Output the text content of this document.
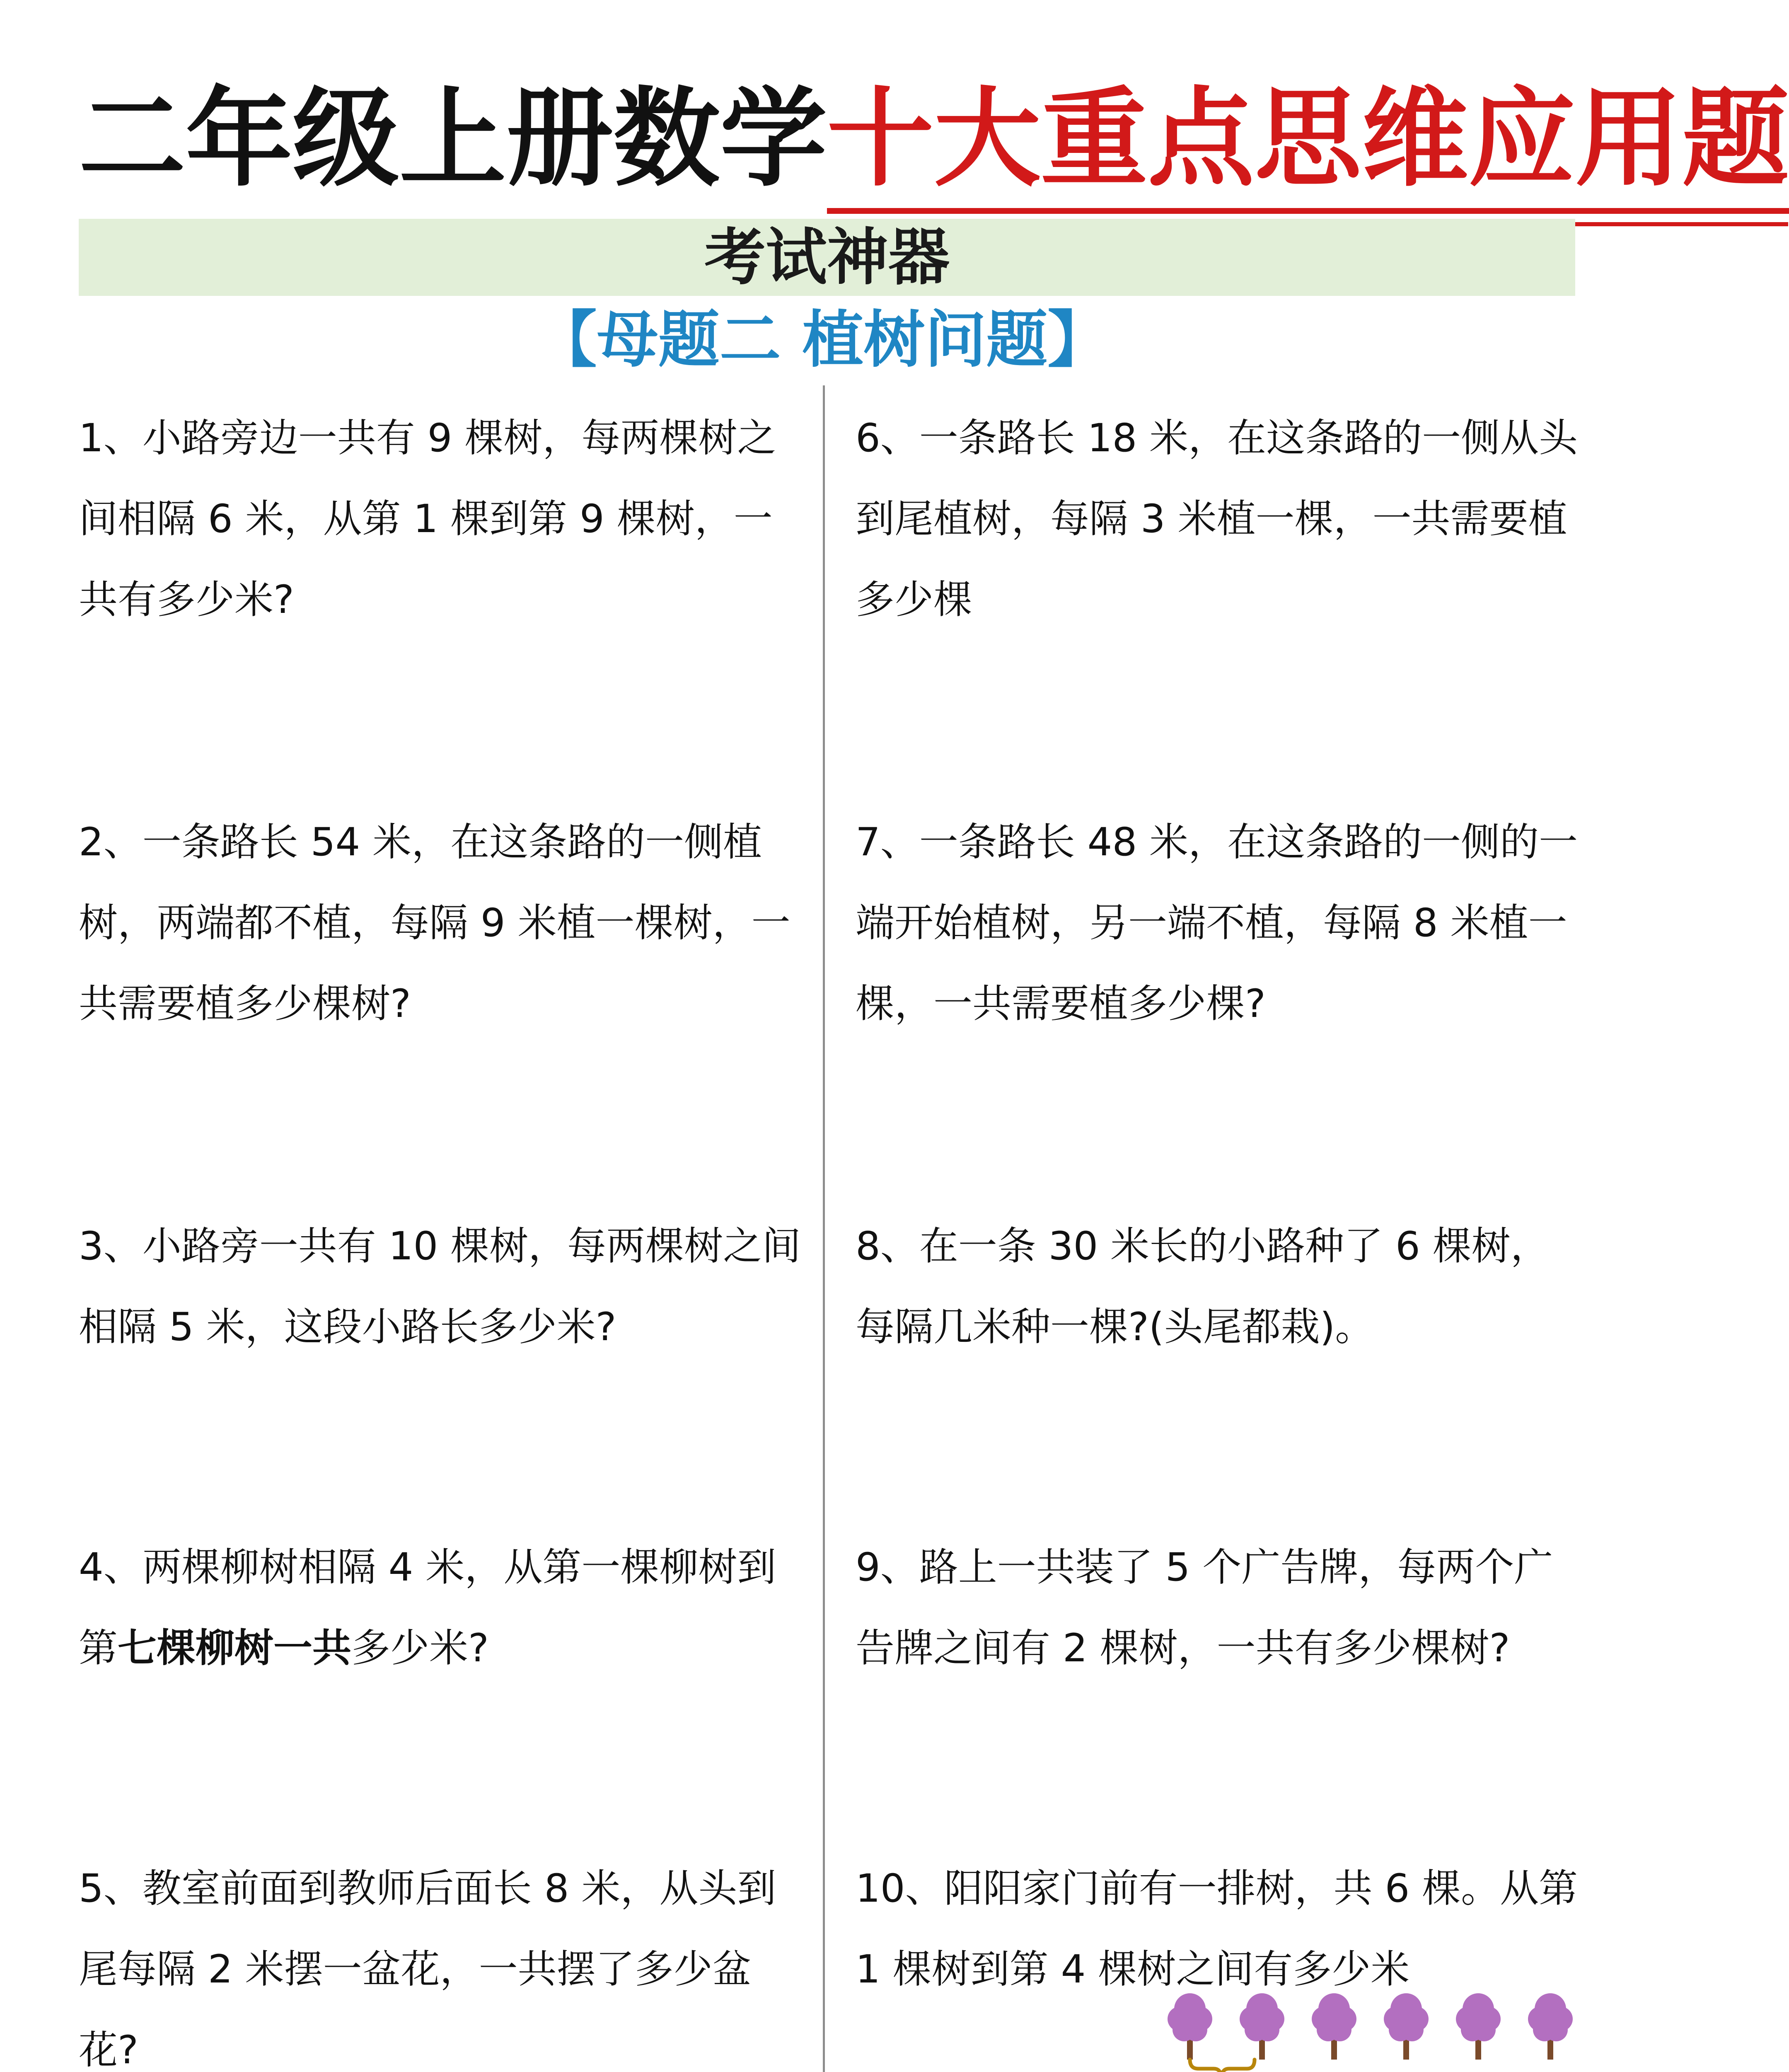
二年级上册数学十大重点思维应用题
考试神器
【母题二 植树问题】

1、小路旁边一共有 9 棵树，每两棵树之间相隔 6 米，从第 1 棵到第 9 棵树，一共有多少米?

2、一条路长 54 米，在这条路的一侧植树，两端都不植，每隔 9 米植一棵树，一共需要植多少棵树?

3、小路旁一共有 10 棵树，每两棵树之间相隔 5 米，这段小路长多少米?

4、两棵柳树相隔 4 米，从第一棵柳树到第七棵柳树一共多少米?

5、教室前面到教师后面长 8 米，从头到尾每隔 2 米摆一盆花，一共摆了多少盆花?

6、一条路长 18 米，在这条路的一侧从头到尾植树，每隔 3 米植一棵，一共需要植多少棵

7、一条路长 48 米，在这条路的一侧的一端开始植树，另一端不植，每隔 8 米植一棵，一共需要植多少棵?

8、在一条 30 米长的小路种了 6 棵树，每隔几米种一棵?(头尾都栽)。

9、路上一共装了 5 个广告牌，每两个广告牌之间有 2 棵树，一共有多少棵树?

10、阳阳家门前有一排树，共 6 棵。从第 1 棵树到第 4 棵树之间有多少米
